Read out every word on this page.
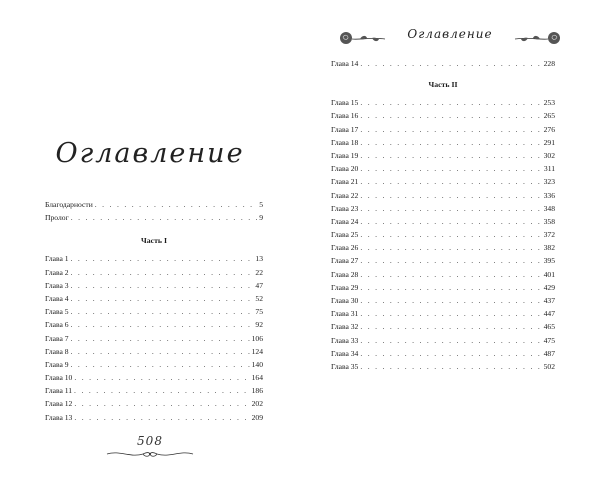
Оглавление
Благодарности . . .	5
Пролог . . .	9
Часть I
Глава 1 . . .	13
Глава 2 . . .	22
Глава 3 . . .	47
Глава 4 . . .	52
Глава 5 . . .	75
Глава 6 . . .	92
Глава 7 . . .	106
Глава 8 . . .	124
Глава 9 . . .	140
Глава 10 . . .	164
Глава 11 . . .	186
Глава 12 . . .	202
Глава 13 . . .	209
508
Оглавление
Глава 14 . . .	228
Часть II
Глава 15 . . .	253
Глава 16 . . .	265
Глава 17 . . .	276
Глава 18 . . .	291
Глава 19 . . .	302
Глава 20 . . .	311
Глава 21 . . .	323
Глава 22 . . .	336
Глава 23 . . .	348
Глава 24 . . .	358
Глава 25 . . .	372
Глава 26 . . .	382
Глава 27 . . .	395
Глава 28 . . .	401
Глава 29 . . .	429
Глава 30 . . .	437
Глава 31 . . .	447
Глава 32 . . .	465
Глава 33 . . .	475
Глава 34 . . .	487
Глава 35 . . .	502
